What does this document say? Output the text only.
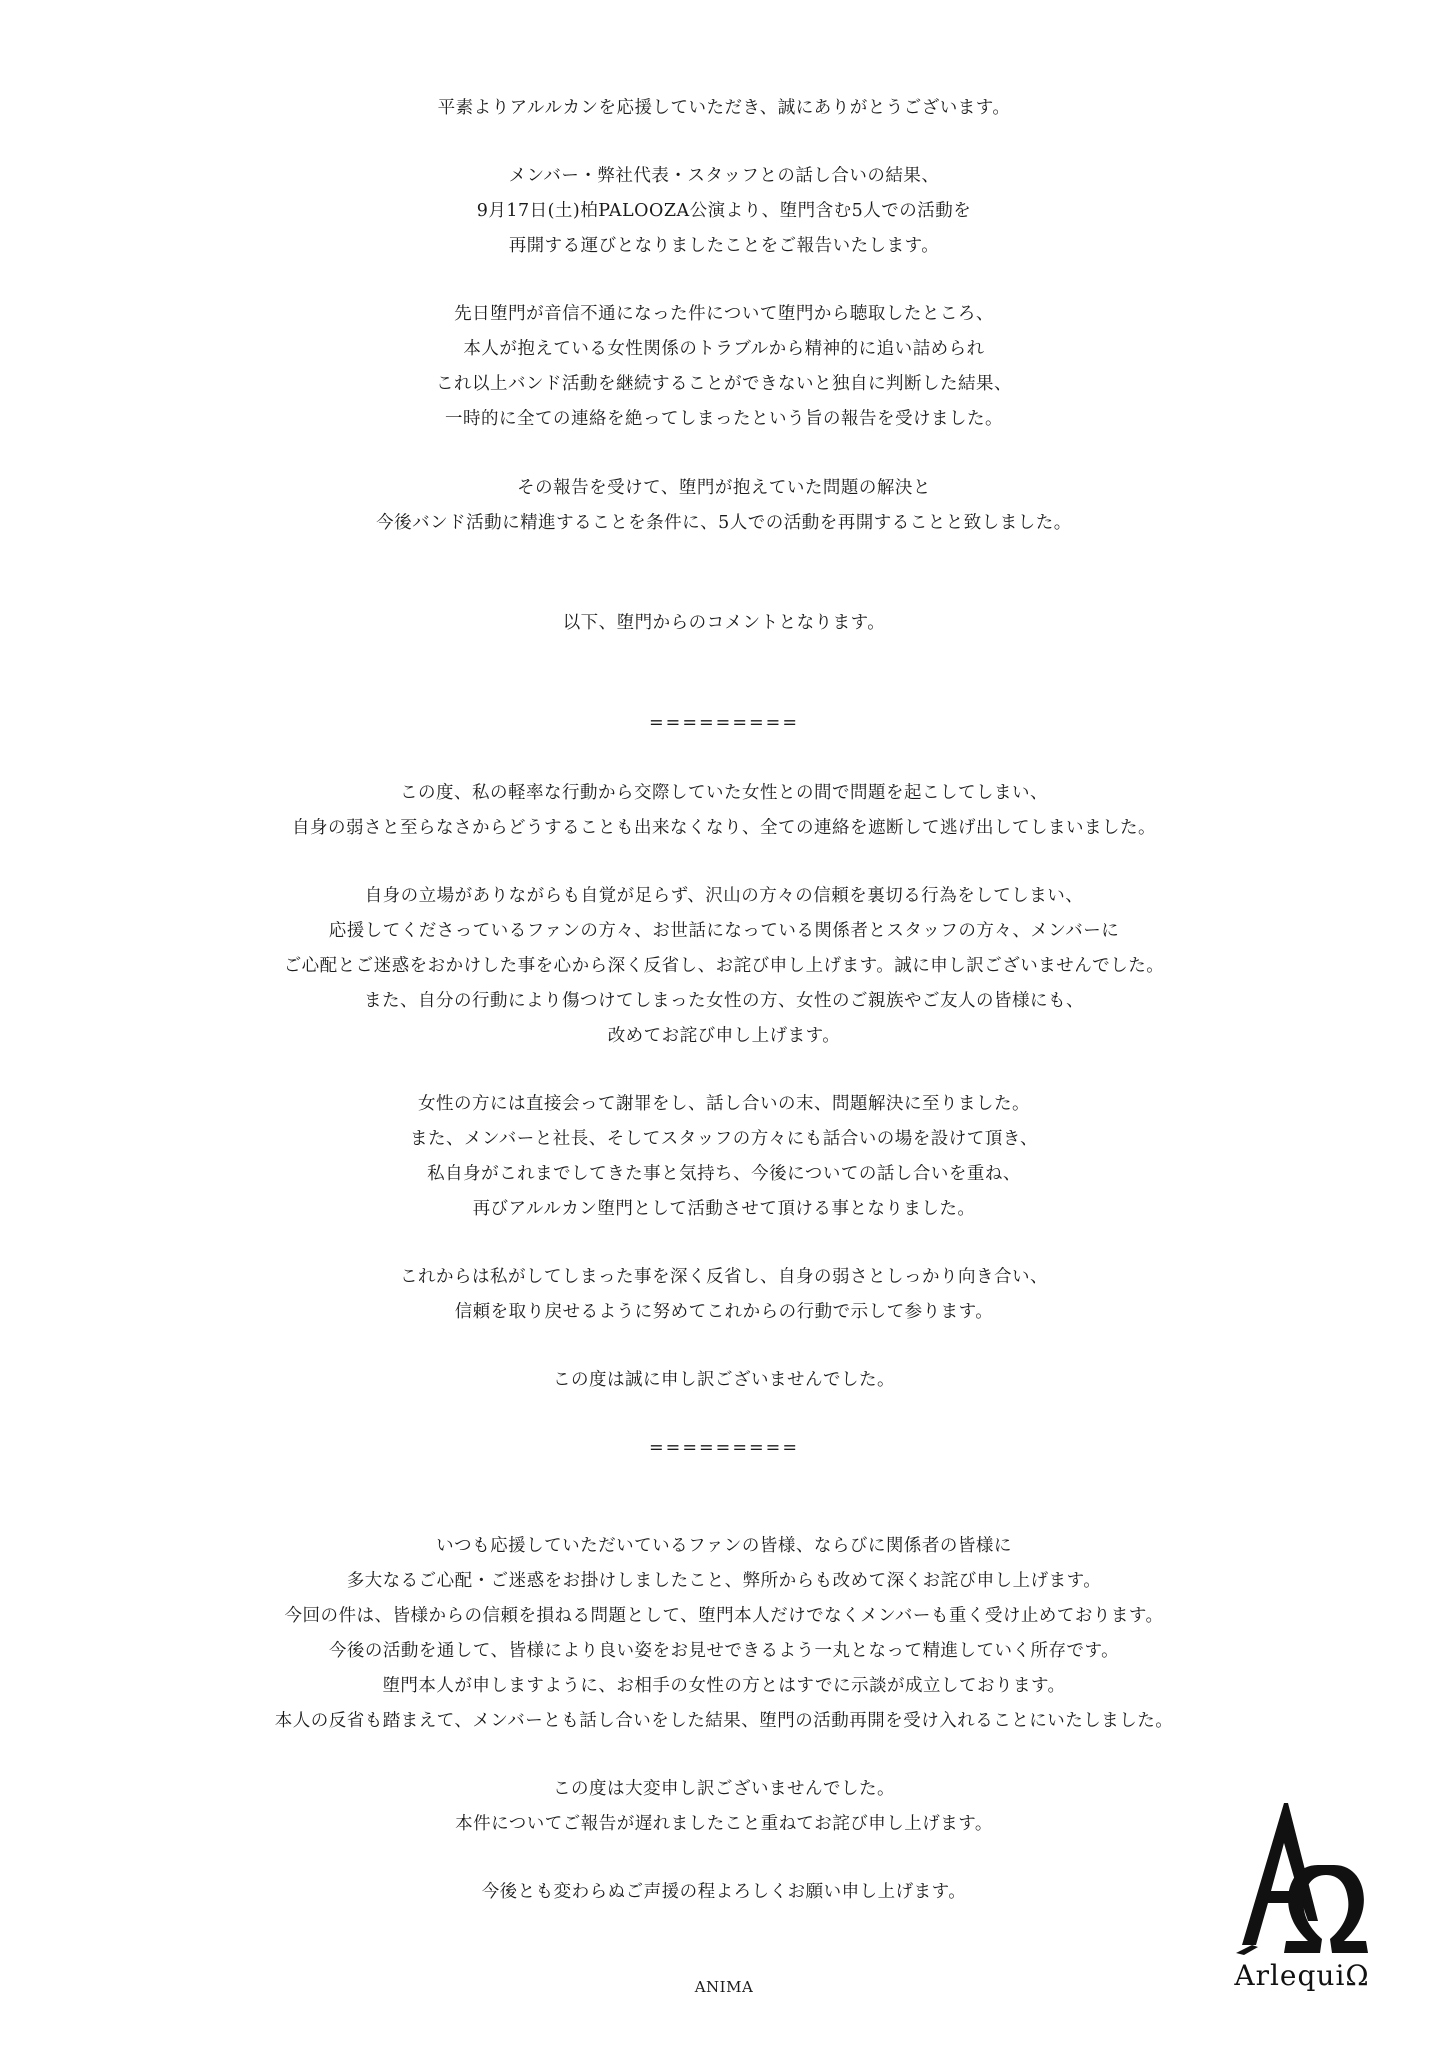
平素よりアルルカンを応援していただき、誠にありがとうございます。
メンバー・弊社代表・スタッフとの話し合いの結果、
9月17日(土)柏PALOOZA公演より、堕門含む5人での活動を
再開する運びとなりましたことをご報告いたします。
先日堕門が音信不通になった件について堕門から聴取したところ、
本人が抱えている女性関係のトラブルから精神的に追い詰められ
これ以上バンド活動を継続することができないと独自に判断した結果、
一時的に全ての連絡を絶ってしまったという旨の報告を受けました。
その報告を受けて、堕門が抱えていた問題の解決と
今後バンド活動に精進することを条件に、5人での活動を再開することと致しました。
以下、堕門からのコメントとなります。
=========
この度、私の軽率な行動から交際していた女性との間で問題を起こしてしまい、
自身の弱さと至らなさからどうすることも出来なくなり、全ての連絡を遮断して逃げ出してしまいました。
自身の立場がありながらも自覚が足らず、沢山の方々の信頼を裏切る行為をしてしまい、
応援してくださっているファンの方々、お世話になっている関係者とスタッフの方々、メンバーに
ご心配とご迷惑をおかけした事を心から深く反省し、お詫び申し上げます。誠に申し訳ございませんでした。
また、自分の行動により傷つけてしまった女性の方、女性のご親族やご友人の皆様にも、
改めてお詫び申し上げます。
女性の方には直接会って謝罪をし、話し合いの末、問題解決に至りました。
また、メンバーと社長、そしてスタッフの方々にも話合いの場を設けて頂き、
私自身がこれまでしてきた事と気持ち、今後についての話し合いを重ね、
再びアルルカン堕門として活動させて頂ける事となりました。
これからは私がしてしまった事を深く反省し、自身の弱さとしっかり向き合い、
信頼を取り戻せるように努めてこれからの行動で示して参ります。
この度は誠に申し訳ございませんでした。
=========
いつも応援していただいているファンの皆様、ならびに関係者の皆様に
多大なるご心配・ご迷惑をお掛けしましたこと、弊所からも改めて深くお詫び申し上げます。
今回の件は、皆様からの信頼を損ねる問題として、堕門本人だけでなくメンバーも重く受け止めております。
今後の活動を通して、皆様により良い姿をお見せできるよう一丸となって精進していく所存です。
堕門本人が申しますように、お相手の女性の方とはすでに示談が成立しております。
本人の反省も踏まえて、メンバーとも話し合いをした結果、堕門の活動再開を受け入れることにいたしました。
この度は大変申し訳ございませんでした。
本件についてご報告が遅れましたこと重ねてお詫び申し上げます。
今後とも変わらぬご声援の程よろしくお願い申し上げます。
ANIMA	ArlequiΩ
